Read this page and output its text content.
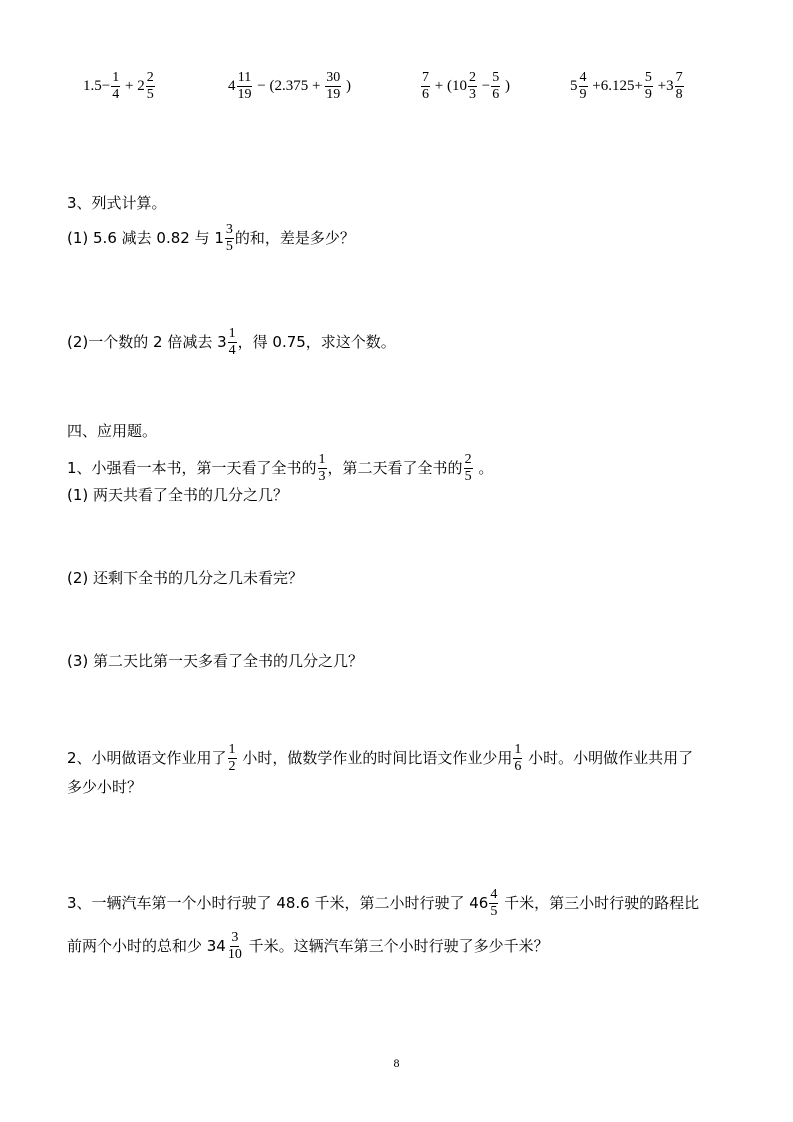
$1.5- \frac{1}{4} + 2 \frac{2}{5}$	$4 \frac{11}{19} - (2.375 + \frac{30}{19}$ )	$\frac{7}{6} + (10 \frac{2}{3} - \frac{5}{6}$ )	$5 \frac{4}{9} +6.125+ \frac{5}{9} +3 \frac{7}{8}$
3、列式计算。
(1) 5.6 减去 0.82 与 $1 \frac{3}{5}$ 的和，差是多少？
(2)一个数的 2 倍减去 $3 \frac{1}{4}$ ，得 0.75，求这个数。
四、应用题。
1、小强看一本书，第一天看了全书的 $\frac{1}{3}$ ，第二天看了全书的 $\frac{2}{5}$ 。
(1) 两天共看了全书的几分之几？
(2) 还剩下全书的几分之几未看完？
(3) 第二天比第一天多看了全书的几分之几？
2、小明做语文作业用了 $\frac{1}{2}$ 小时，做数学作业的时间比语文作业少用 $\frac{1}{6}$ 小时。小明做作业共用了
多少小时？
3、一辆汽车第一个小时行驶了 48.6 千米，第二小时行驶了 $46 \frac{4}{5}$ 千米，第三小时行驶的路程比
前两个小时的总和少 $34 \frac{3}{10}$ 千米。这辆汽车第三个小时行驶了多少千米？
8
